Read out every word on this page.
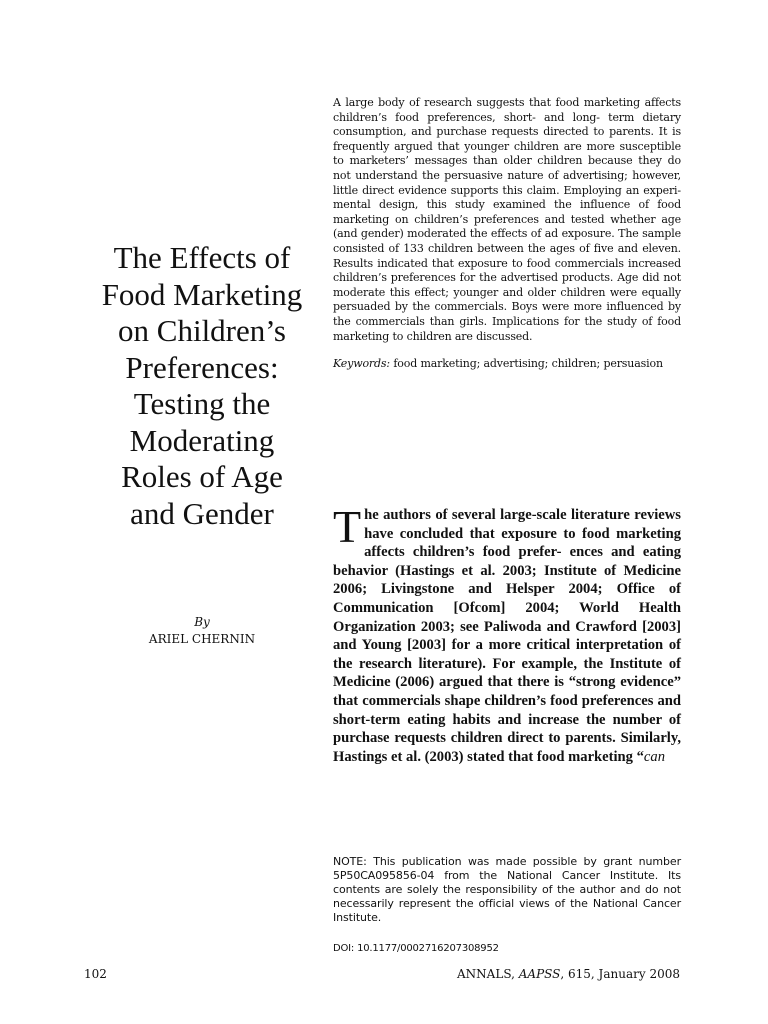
The Effects of Food Marketing on Children’s Preferences: Testing the Moderating Roles of Age and Gender
By
ARIEL CHERNIN

A large body of research suggests that food marketing affects children’s food preferences, short- and long- term dietary consumption, and purchase requests directed to parents. It is frequently argued that younger children are more susceptible to marketers’ messages than older children because they do not understand the persuasive nature of advertising; however, little direct evidence supports this claim. Employing an experi- mental design, this study examined the influence of food marketing on children’s preferences and tested whether age (and gender) moderated the effects of ad exposure. The sample consisted of 133 children between the ages of five and eleven. Results indicated that exposure to food commercials increased children’s preferences for the advertised products. Age did not moderate this effect; younger and older children were equally persuaded by the commercials. Boys were more influenced by the commercials than girls. Implications for the study of food marketing to children are discussed.

Keywords: food marketing; advertising; children; persuasion

The authors of several large-scale literature reviews have concluded that exposure to food marketing affects children’s food prefer- ences and eating behavior (Hastings et al. 2003; Institute of Medicine 2006; Livingstone and Helsper 2004; Office of Communication [Ofcom] 2004; World Health Organization 2003; see Paliwoda and Crawford [2003] and Young [2003] for a more critical interpretation of the research literature). For example, the Institute of Medicine (2006) argued that there is “strong evidence” that commercials shape children’s food preferences and short-term eating habits and increase the number of purchase requests children direct to parents. Similarly, Hastings et al. (2003) stated that food marketing “can

NOTE: This publication was made possible by grant number 5P50CA095856-04 from the National Cancer Institute. Its contents are solely the responsibility of the author and do not necessarily represent the official views of the National Cancer Institute.
DOI: 10.1177/0002716207308952
102	ANNALS, AAPSS, 615, January 2008
